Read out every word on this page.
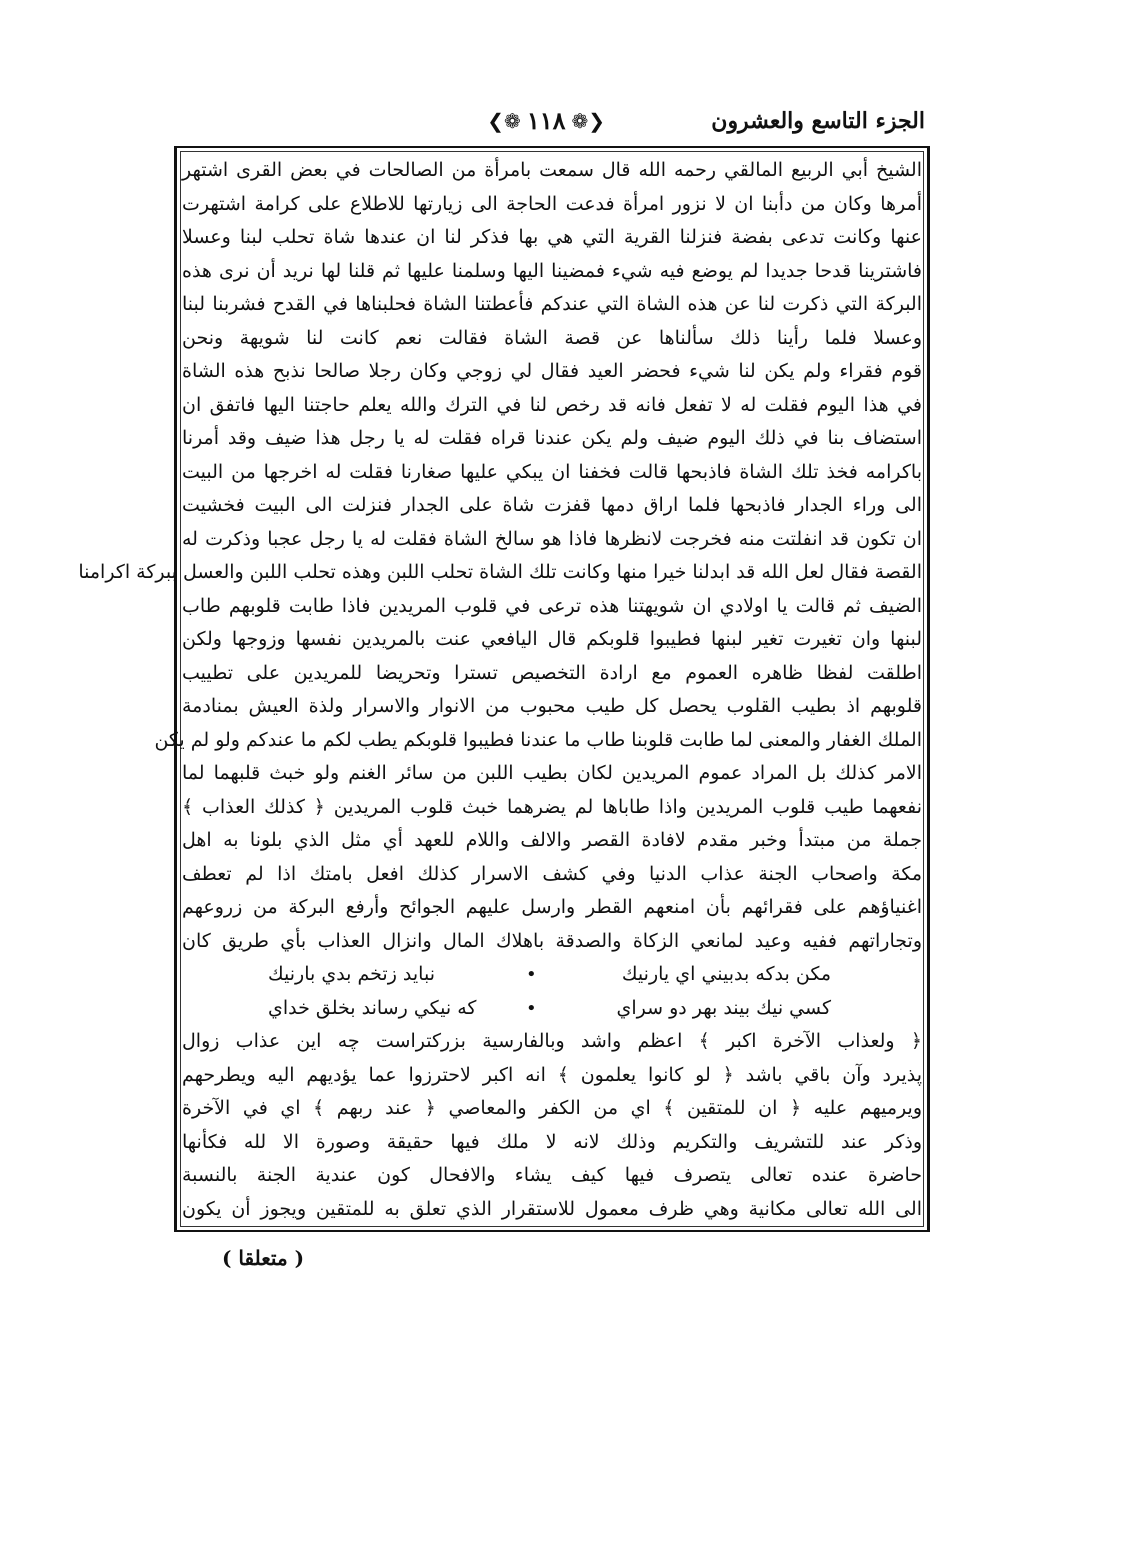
الجزء التاسع والعشرون
❮❁ ١١٨ ❁❯
الشيخ أبي الربيع المالقي رحمه الله قال سمعت بامرأة من الصالحات في بعض القرى اشتهر
أمرها وكان من دأبنا ان لا نزور امرأة فدعت الحاجة الى زيارتها للاطلاع على كرامة اشتهرت
عنها وكانت تدعى بفضة فنزلنا القرية التي هي بها فذكر لنا ان عندها شاة تحلب لبنا وعسلا
فاشترينا قدحا جديدا لم يوضع فيه شيء فمضينا اليها وسلمنا عليها ثم قلنا لها نريد أن نرى هذه
البركة التي ذكرت لنا عن هذه الشاة التي عندكم فأعطتنا الشاة فحلبناها في القدح فشربنا لبنا
وعسلا فلما رأينا ذلك سألناها عن قصة الشاة فقالت نعم كانت لنا شويهة ونحن
قوم فقراء ولم يكن لنا شيء فحضر العيد فقال لي زوجي وكان رجلا صالحا نذبح هذه الشاة
في هذا اليوم فقلت له لا تفعل فانه قد رخص لنا في الترك والله يعلم حاجتنا اليها فاتفق ان
استضاف بنا في ذلك اليوم ضيف ولم يكن عندنا قراه فقلت له يا رجل هذا ضيف وقد أمرنا
باكرامه فخذ تلك الشاة فاذبحها قالت فخفنا ان يبكي عليها صغارنا فقلت له اخرجها من البيت
الى وراء الجدار فاذبحها فلما اراق دمها قفزت شاة على الجدار فنزلت الى البيت فخشيت
ان تكون قد انفلتت منه فخرجت لانظرها فاذا هو سالخ الشاة فقلت له يا رجل عجبا وذكرت له
القصة فقال لعل الله قد ابدلنا خيرا منها وكانت تلك الشاة تحلب اللبن وهذه تحلب اللبن والعسل ببركة اكرامنا
الضيف ثم قالت يا اولادي ان شويهتنا هذه ترعى في قلوب المريدين فاذا طابت قلوبهم طاب
لبنها وان تغيرت تغير لبنها فطيبوا قلوبكم قال اليافعي عنت بالمريدين نفسها وزوجها ولكن
اطلقت لفظا ظاهره العموم مع ارادة التخصيص تسترا وتحريضا للمريدين على تطييب
قلوبهم اذ بطيب القلوب يحصل كل طيب محبوب من الانوار والاسرار ولذة العيش بمنادمة
الملك الغفار والمعنى لما طابت قلوبنا طاب ما عندنا فطيبوا قلوبكم يطب لكم ما عندكم ولو لم يكن
الامر كذلك بل المراد عموم المريدين لكان بطيب اللبن من سائر الغنم ولو خبث قلبهما لما
نفعهما طيب قلوب المريدين واذا طاباها لم يضرهما خبث قلوب المريدين ﴿ كذلك العذاب ﴾
جملة من مبتدأ وخبر مقدم لافادة القصر والالف واللام للعهد أي مثل الذي بلونا به اهل
مكة واصحاب الجنة عذاب الدنيا وفي كشف الاسرار كذلك افعل بامتك اذا لم تعطف
اغنياؤهم على فقرائهم بأن امنعهم القطر وارسل عليهم الجوائح وأرفع البركة من زروعهم
وتجاراتهم ففيه وعيد لمانعي الزكاة والصدقة باهلاك المال وانزال العذاب بأي طريق كان
مكن بدكه بدبيني اي يارنيك
•
نبايد زتخم بدي بارنيك
كسي نيك بيند بهر دو سراي
•
كه نيكي رساند بخلق خداي
( متعلقا )
﴿ ولعذاب الآخرة اكبر ﴾ اعظم واشد وبالفارسية بزركتراست چه اين عذاب زوال
پذيرد وآن باقي باشد ﴿ لو كانوا يعلمون ﴾ انه اكبر لاحترزوا عما يؤديهم اليه ويطرحهم
ويرميهم عليه ﴿ ان للمتقين ﴾ اي من الكفر والمعاصي ﴿ عند ربهم ﴾ اي في الآخرة
وذكر عند للتشريف والتكريم وذلك لانه لا ملك فيها حقيقة وصورة الا لله فكأنها
حاضرة عنده تعالى يتصرف فيها كيف يشاء والافحال كون عندية الجنة بالنسبة
الى الله تعالى مكانية وهي ظرف معمول للاستقرار الذي تعلق به للمتقين ويجوز أن يكون
